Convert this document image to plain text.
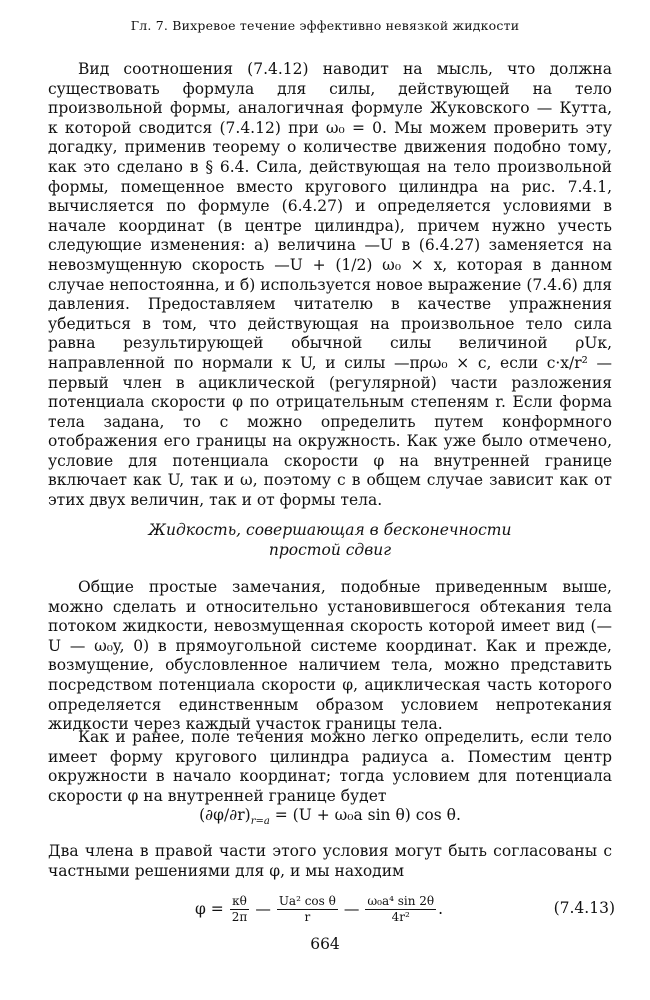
Гл. 7. Вихревое течение эффективно невязкой жидкости
Вид соотношения (7.4.12) наводит на мысль, что должна существовать формула для силы, действующей на тело произвольной формы, аналогичная формуле Жуковского — Кутта, к которой сводится (7.4.12) при ω₀ = 0. Мы можем проверить эту догадку, применив теорему о количестве движения подобно тому, как это сделано в § 6.4. Сила, действующая на тело произвольной формы, помещенное вместо кругового цилиндра на рис. 7.4.1, вычисляется по формуле (6.4.27) и определяется условиями в начале координат (в центре цилиндра), причем нужно учесть следующие изменения: а) величина —U в (6.4.27) заменяется на невозмущенную скорость —U + (1/2) ω₀ × x, которая в данном случае непостоянна, и б) используется новое выражение (7.4.6) для давления. Предоставляем читателю в качестве упражнения убедиться в том, что действующая на произвольное тело сила равна результирующей обычной силы величиной ρUκ, направленной по нормали к U, и силы —πρω₀ × c, если c·x/r² — первый член в ациклической (регулярной) части разложения потенциала скорости φ по отрицательным степеням r. Если форма тела задана, то c можно определить путем конформного отображения его границы на окружность. Как уже было отмечено, условие для потенциала скорости φ на внутренней границе включает как U, так и ω, поэтому c в общем случае зависит как от этих двух величин, так и от формы тела.
Жидкость, совершающая в бесконечности
простой сдвиг
Общие простые замечания, подобные приведенным выше, можно сделать и относительно установившегося обтекания тела потоком жидкости, невозмущенная скорость которой имеет вид (—U — ω₀y, 0) в прямоугольной системе координат. Как и прежде, возмущение, обусловленное наличием тела, можно представить посредством потенциала скорости φ, ациклическая часть которого определяется единственным образом условием непротекания жидкости через каждый участок границы тела.
Как и ранее, поле течения можно легко определить, если тело имеет форму кругового цилиндра радиуса a. Поместим центр окружности в начало координат; тогда условием для потенциала скорости φ на внутренней границе будет
$(\partial\varphi/\partial r)_{r=a} = (U + \omega_0a$ sin θ) cos θ.
Два члена в правой части этого условия могут быть согласованы с частными решениями для φ, и мы находим
$\varphi = \frac{\kappa\theta}{2\pi}$ — $\frac{\text{Ua² cos θ}}{r}$ — $\frac{\text{ω₀a⁴ sin 2θ}}{\text{4r²}}$ .	(7.4.13)
664
